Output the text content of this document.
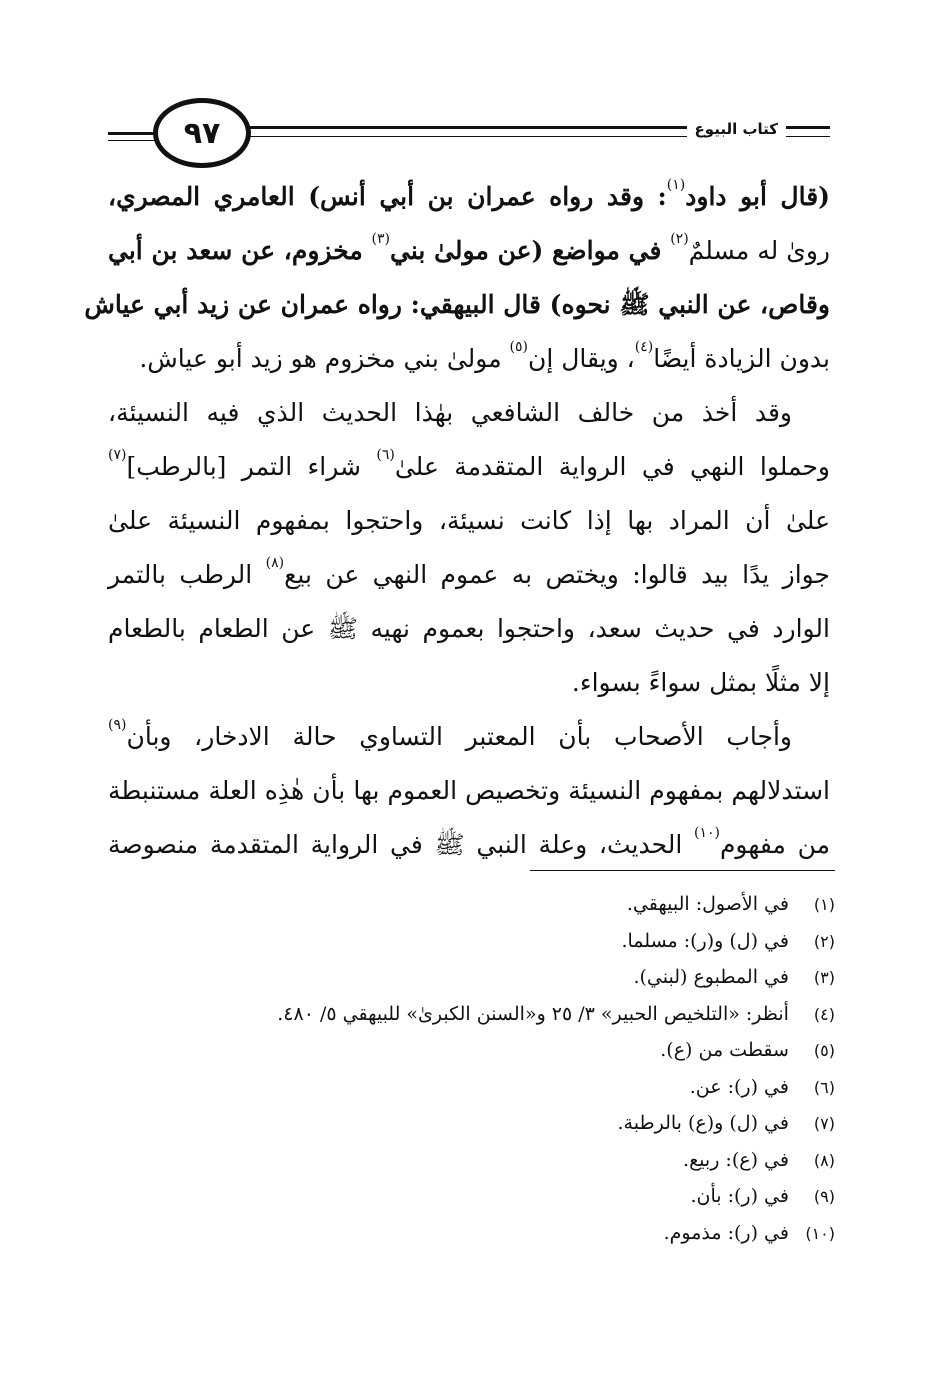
٩٧	كتاب البيوع
(قال أبو داود$^{(١)}$: وقد رواه عمران بن أبي أنس) العامري المصري،
رویٰ له مسلمٌ$^{(٢)}$ في مواضع (عن مولیٰ بني$^{(٣)}$ مخزوم، عن سعد بن أبي
وقاص، عن النبي ﷺ نحوه) قال البيهقي: رواه عمران عن زيد أبي عياش
بدون الزيادة أيضًا$^{(٤)}$، ويقال إن$^{(٥)}$ مولیٰ بني مخزوم هو زيد أبو عياش.
وقد أخذ من خالف الشافعي بهٰذا الحديث الذي فيه النسيئة،
وحملوا النهي في الرواية المتقدمة علیٰ$^{(٦)}$ شراء التمر [بالرطب]$^{(٧)}$
علیٰ أن المراد بها إذا كانت نسيئة، واحتجوا بمفهوم النسيئة علیٰ
جواز يدًا بيد قالوا: ويختص به عموم النهي عن بيع$^{(٨)}$ الرطب بالتمر
الوارد في حديث سعد، واحتجوا بعموم نهيه ﷺ عن الطعام بالطعام
إلا مثلًا بمثل سواءً بسواء.
وأجاب الأصحاب بأن المعتبر التساوي حالة الادخار، وبأن$^{(٩)}$
استدلالهم بمفهوم النسيئة وتخصيص العموم بها بأن هٰذِه العلة مستنبطة
من مفهوم$^{(١٠)}$ الحديث، وعلة النبي ﷺ في الرواية المتقدمة منصوصة
(١) في الأصول: البيهقي.
(٢) في (ل) و(ر): مسلما.
(٣) في المطبوع (لبني).
(٤) أنظر: «التلخيص الحبير» ٣/ ٢٥ و«السنن الكبرىٰ» للبيهقي ٥/ ٤٨٠.
(٥) سقطت من (ع).
(٦) في (ر): عن.
(٧) في (ل) و(ع) بالرطبة.
(٨) في (ع): ربيع.
(٩) في (ر): بأن.
(١٠) في (ر): مذموم.
